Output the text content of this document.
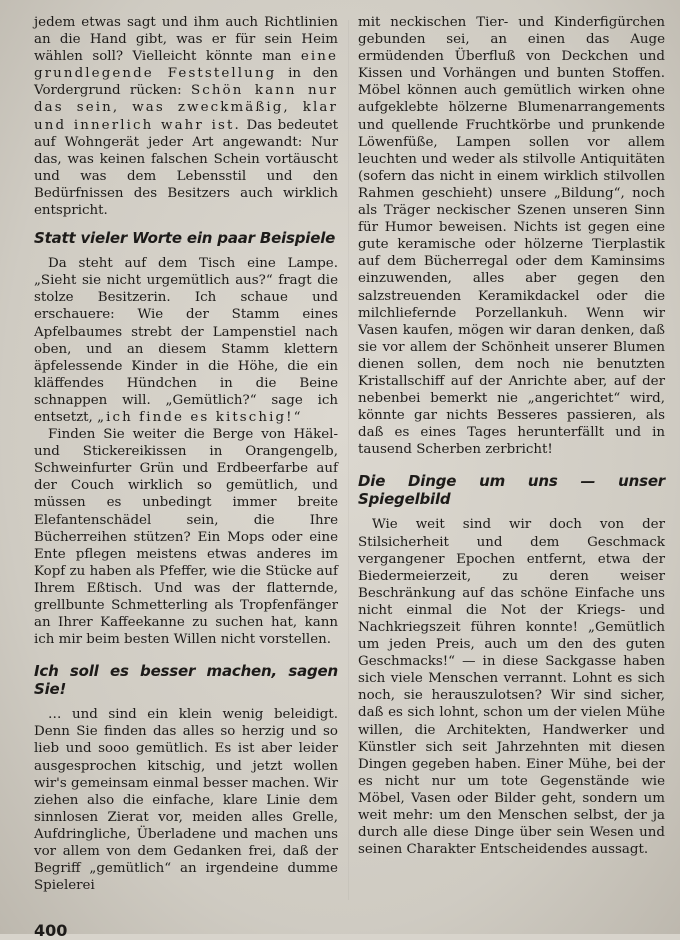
jedem etwas sagt und ihm auch Richtlinien an die Hand gibt, was er für sein Heim wählen soll? Vielleicht könnte man eine grundlegende Feststellung in den Vordergrund rücken: Schön kann nur das sein, was zweckmäßig, klar und innerlich wahr ist. Das bedeutet auf Wohngerät jeder Art angewandt: Nur das, was keinen falschen Schein vortäuscht und was dem Lebensstil und den Bedürfnissen des Besitzers auch wirklich entspricht.

Statt vieler Worte ein paar Beispiele

Da steht auf dem Tisch eine Lampe. „Sieht sie nicht urgemütlich aus?“ fragt die stolze Besitzerin. Ich schaue und erschauere: Wie der Stamm eines Apfelbaumes strebt der Lampenstiel nach oben, und an diesem Stamm klettern äpfelessende Kinder in die Höhe, die ein kläffendes Hündchen in die Beine schnappen will. „Gemütlich?“ sage ich entsetzt, „ich finde es kitschig!“

Finden Sie weiter die Berge von Häkel- und Stickereikissen in Orangengelb, Schweinfurter Grün und Erdbeerfarbe auf der Couch wirklich so gemütlich, und müssen es unbedingt immer breite Elefantenschädel sein, die Ihre Bücherreihen stützen? Ein Mops oder eine Ente pflegen meistens etwas anderes im Kopf zu haben als Pfeffer, wie die Stücke auf Ihrem Eßtisch. Und was der flatternde, grellbunte Schmetterling als Tropfenfänger an Ihrer Kaffeekanne zu suchen hat, kann ich mir beim besten Willen nicht vorstellen.

Ich soll es besser machen, sagen Sie!

… und sind ein klein wenig beleidigt. Denn Sie finden das alles so herzig und so lieb und sooo gemütlich. Es ist aber leider ausgesprochen kitschig, und jetzt wollen wir's gemeinsam einmal besser machen. Wir ziehen also die einfache, klare Linie dem sinnlosen Zierat vor, meiden alles Grelle, Aufdringliche, Überladene und machen uns vor allem von dem Gedanken frei, daß der Begriff „gemütlich“ an irgendeine dumme Spielerei

mit neckischen Tier- und Kinderfigürchen gebunden sei, an einen das Auge ermüdenden Überfluß von Deckchen und Kissen und Vorhängen und bunten Stoffen. Möbel können auch gemütlich wirken ohne aufgeklebte hölzerne Blumenarrangements und quellende Fruchtkörbe und prunkende Löwenfüße, Lampen sollen vor allem leuchten und weder als stilvolle Antiquitäten (sofern das nicht in einem wirklich stilvollen Rahmen geschieht) unsere „Bildung“, noch als Träger neckischer Szenen unseren Sinn für Humor beweisen. Nichts ist gegen eine gute keramische oder hölzerne Tierplastik auf dem Bücherregal oder dem Kaminsims einzuwenden, alles aber gegen den salzstreuenden Keramikdackel oder die milchliefernde Porzellankuh. Wenn wir Vasen kaufen, mögen wir daran denken, daß sie vor allem der Schönheit unserer Blumen dienen sollen, dem noch nie benutzten Kristallschiff auf der Anrichte aber, auf der nebenbei bemerkt nie „angerichtet“ wird, könnte gar nichts Besseres passieren, als daß es eines Tages herunterfällt und in tausend Scherben zerbricht!

Die Dinge um uns — unser Spiegelbild

Wie weit sind wir doch von der Stilsicherheit und dem Geschmack vergangener Epochen entfernt, etwa der Biedermeierzeit, zu deren weiser Beschränkung auf das schöne Einfache uns nicht einmal die Not der Kriegs- und Nachkriegszeit führen konnte! „Gemütlich um jeden Preis, auch um den des guten Geschmacks!“ — in diese Sackgasse haben sich viele Menschen verrannt. Lohnt es sich noch, sie herauszulotsen? Wir sind sicher, daß es sich lohnt, schon um der vielen Mühe willen, die Architekten, Handwerker und Künstler sich seit Jahrzehnten mit diesen Dingen gegeben haben. Einer Mühe, bei der es nicht nur um tote Gegenstände wie Möbel, Vasen oder Bilder geht, sondern um weit mehr: um den Menschen selbst, der ja durch alle diese Dinge über sein Wesen und seinen Charakter Entscheidendes aussagt.

400
